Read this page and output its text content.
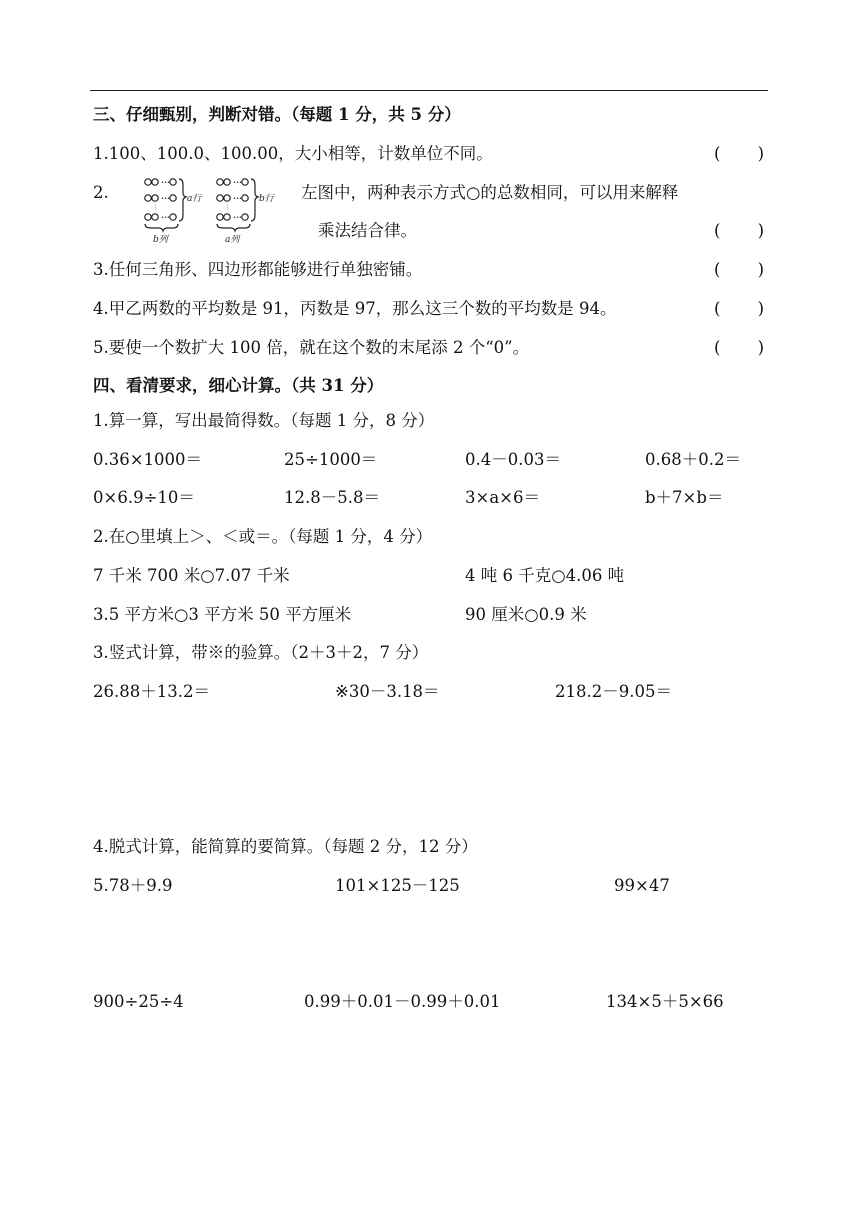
三、仔细甄别，判断对错。（每题 1 分，共 5 分）
1.100、100.0、100.00，大小相等，计数单位不同。	( )
2.	•••
•••
•••
•••
•••
•••
⋮	⋮
a行	b行
b列	a列
左图中，两种表示方式○的总数相同，可以用来解释
乘法结合律。	( )
3.任何三角形、四边形都能够进行单独密铺。	( )
4.甲乙两数的平均数是 91，丙数是 97，那么这三个数的平均数是 94。	( )
5.要使一个数扩大 100 倍，就在这个数的末尾添 2 个“0”。	( )
四、看清要求，细心计算。（共 31 分）
1.算一算，写出最简得数。（每题 1 分，8 分）
0.36×1000＝	25÷1000＝	0.4－0.03＝	0.68＋0.2＝
0×6.9÷10＝	12.8－5.8＝	3×a×6＝	b＋7×b＝
2.在○里填上＞、＜或＝。（每题 1 分，4 分）
7 千米 700 米○7.07 千米	4 吨 6 千克○4.06 吨
3.5 平方米○3 平方米 50 平方厘米	90 厘米○0.9 米
3.竖式计算，带※的验算。（2＋3＋2，7 分）
26.88＋13.2＝	※30－3.18＝	218.2－9.05＝
4.脱式计算，能简算的要简算。（每题 2 分，12 分）
5.78＋9.9	101×125－125	99×47
900÷25÷4	0.99＋0.01－0.99＋0.01	134×5＋5×66
